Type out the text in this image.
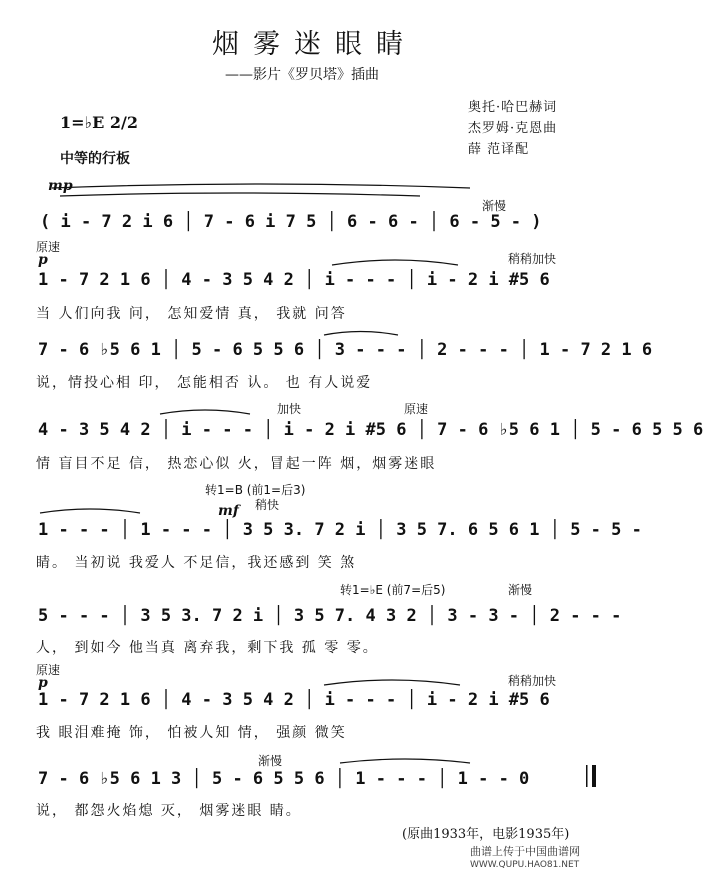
烟雾迷眼睛
——影片《罗贝塔》插曲
奥托·哈巴赫词
杰罗姆·克恩曲
薛 范译配
1=♭E 2/2
中等的行板
mp
渐慢
( i - 7 2 i 6 │ 7 - 6 i 7 5 │ 6 - 6 - │ 6 - 5 - )
原速
p	稍稍加快
1 - 7 2 1 6 │ 4 - 3 5 4 2 │ i - - - │ i - 2 i #5 6
当 人们向我 问， 怎知爱情 真， 我就 问答
7 - 6 ♭5 6 1 │ 5 - 6 5 5 6 │ 3 - - - │ 2 - - - │ 1 - 7 2 1 6
说，情投心相 印， 怎能相否 认。 也 有人说爱
加快	原速
4 - 3 5 4 2 │ i - - - │ i - 2 i #5 6 │ 7 - 6 ♭5 6 1 │ 5 - 6 5 5 6
情 盲目不足 信， 热恋心似 火，冒起一阵 烟，烟雾迷眼
转1=B (前1=后3)
稍快
mf
1 - - - │ 1 - - - │ 3 5 3. 7 2 i │ 3 5 7. 6 5 6 1 │ 5 - 5 -
睛。 当初说 我爱人 不足信，我还感到 笑 煞
转1=♭E (前7=后5)	渐慢
5 - - - │ 3 5 3. 7 2 i │ 3 5 7. 4 3 2 │ 3 - 3 - │ 2 - - -
人， 到如今 他当真 离弃我，剩下我 孤 零 零。
原速
p	稍稍加快
1 - 7 2 1 6 │ 4 - 3 5 4 2 │ i - - - │ i - 2 i #5 6
我 眼泪难掩 饰， 怕被人知 情， 强颜 微笑
渐慢
7 - 6 ♭5 6 1 3 │ 5 - 6 5 5 6 │ 1 - - - │ 1 - - 0
说， 都怨火焰熄 灭， 烟雾迷眼 睛。
(原曲1933年，电影1935年)
曲谱上传于中国曲谱网
WWW.QUPU.HAO81.NET
